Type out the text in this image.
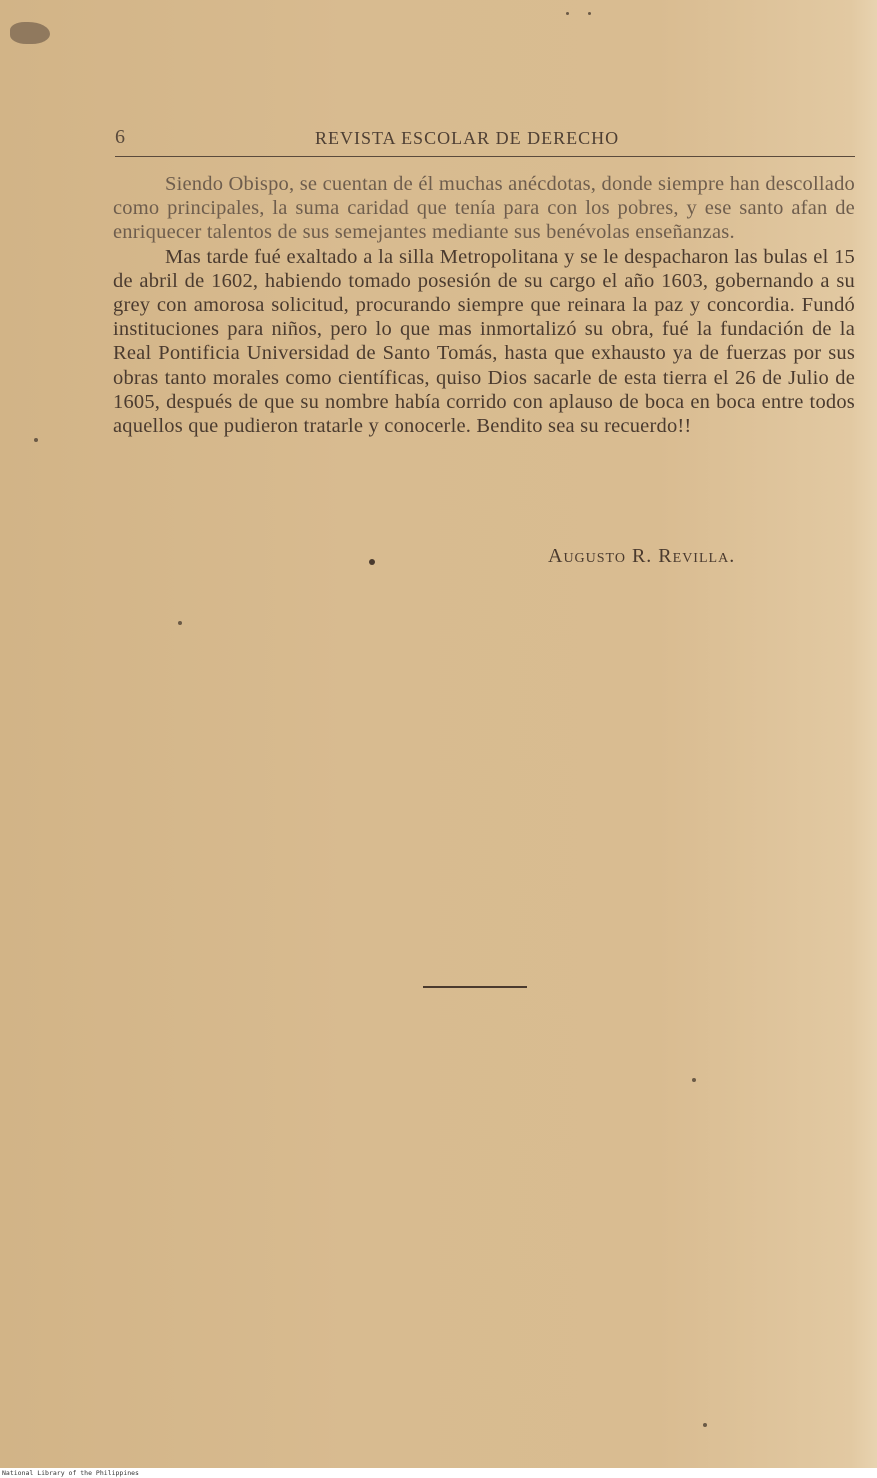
6	REVISTA ESCOLAR DE DERECHO

Siendo Obispo, se cuentan de él muchas anécdotas, donde siempre han descollado como principales, la suma caridad que tenía para con los pobres, y ese santo afan de enriquecer talentos de sus semejantes mediante sus benévolas enseñanzas.

Mas tarde fué exaltado a la silla Metropolitana y se le despacharon las bulas el 15 de abril de 1602, habiendo tomado posesión de su cargo el año 1603, gobernando a su grey con amorosa solicitud, procurando siempre que reinara la paz y concordia. Fundó instituciones para niños, pero lo que mas inmortalizó su obra, fué la fundación de la Real Pontificia Universidad de Santo Tomás, hasta que exhausto ya de fuerzas por sus obras tanto morales como científicas, quiso Dios sacarle de esta tierra el 26 de Julio de 1605, después de que su nombre había corrido con aplauso de boca en boca entre todos aquellos que pudieron tratarle y conocerle. Bendito sea su recuerdo!!

Augusto R. Revilla.
National Library of the Philippines
